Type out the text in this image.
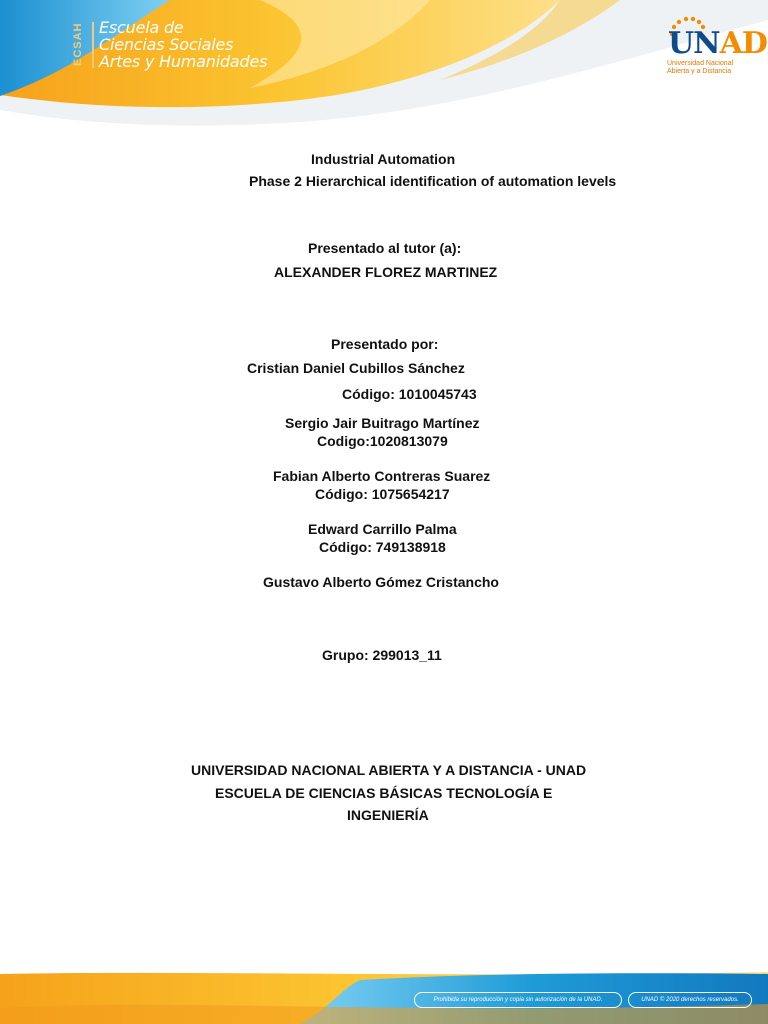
ECSAH Escuela de
Ciencias Sociales
Artes y Humanidades
UNAD
Universidad Nacional
Abierta y a Distancia
Industrial Automation
Phase 2 Hierarchical identification of automation levels
Presentado al tutor (a):
ALEXANDER FLOREZ MARTINEZ
Presentado por:
Cristian Daniel Cubillos Sánchez
Código: 1010045743
Sergio Jair Buitrago Martínez
Codigo:1020813079
Fabian Alberto Contreras Suarez
Código: 1075654217
Edward Carrillo Palma
Código: 749138918
Gustavo Alberto Gómez Cristancho
Grupo: 299013_11
UNIVERSIDAD NACIONAL ABIERTA Y A DISTANCIA - UNAD
ESCUELA DE CIENCIAS BÁSICAS TECNOLOGÍA E
INGENIERÍA
Prohibida su reproducción y copia sin autorización de la UNAD.	UNAD © 2020 derechos reservados.
